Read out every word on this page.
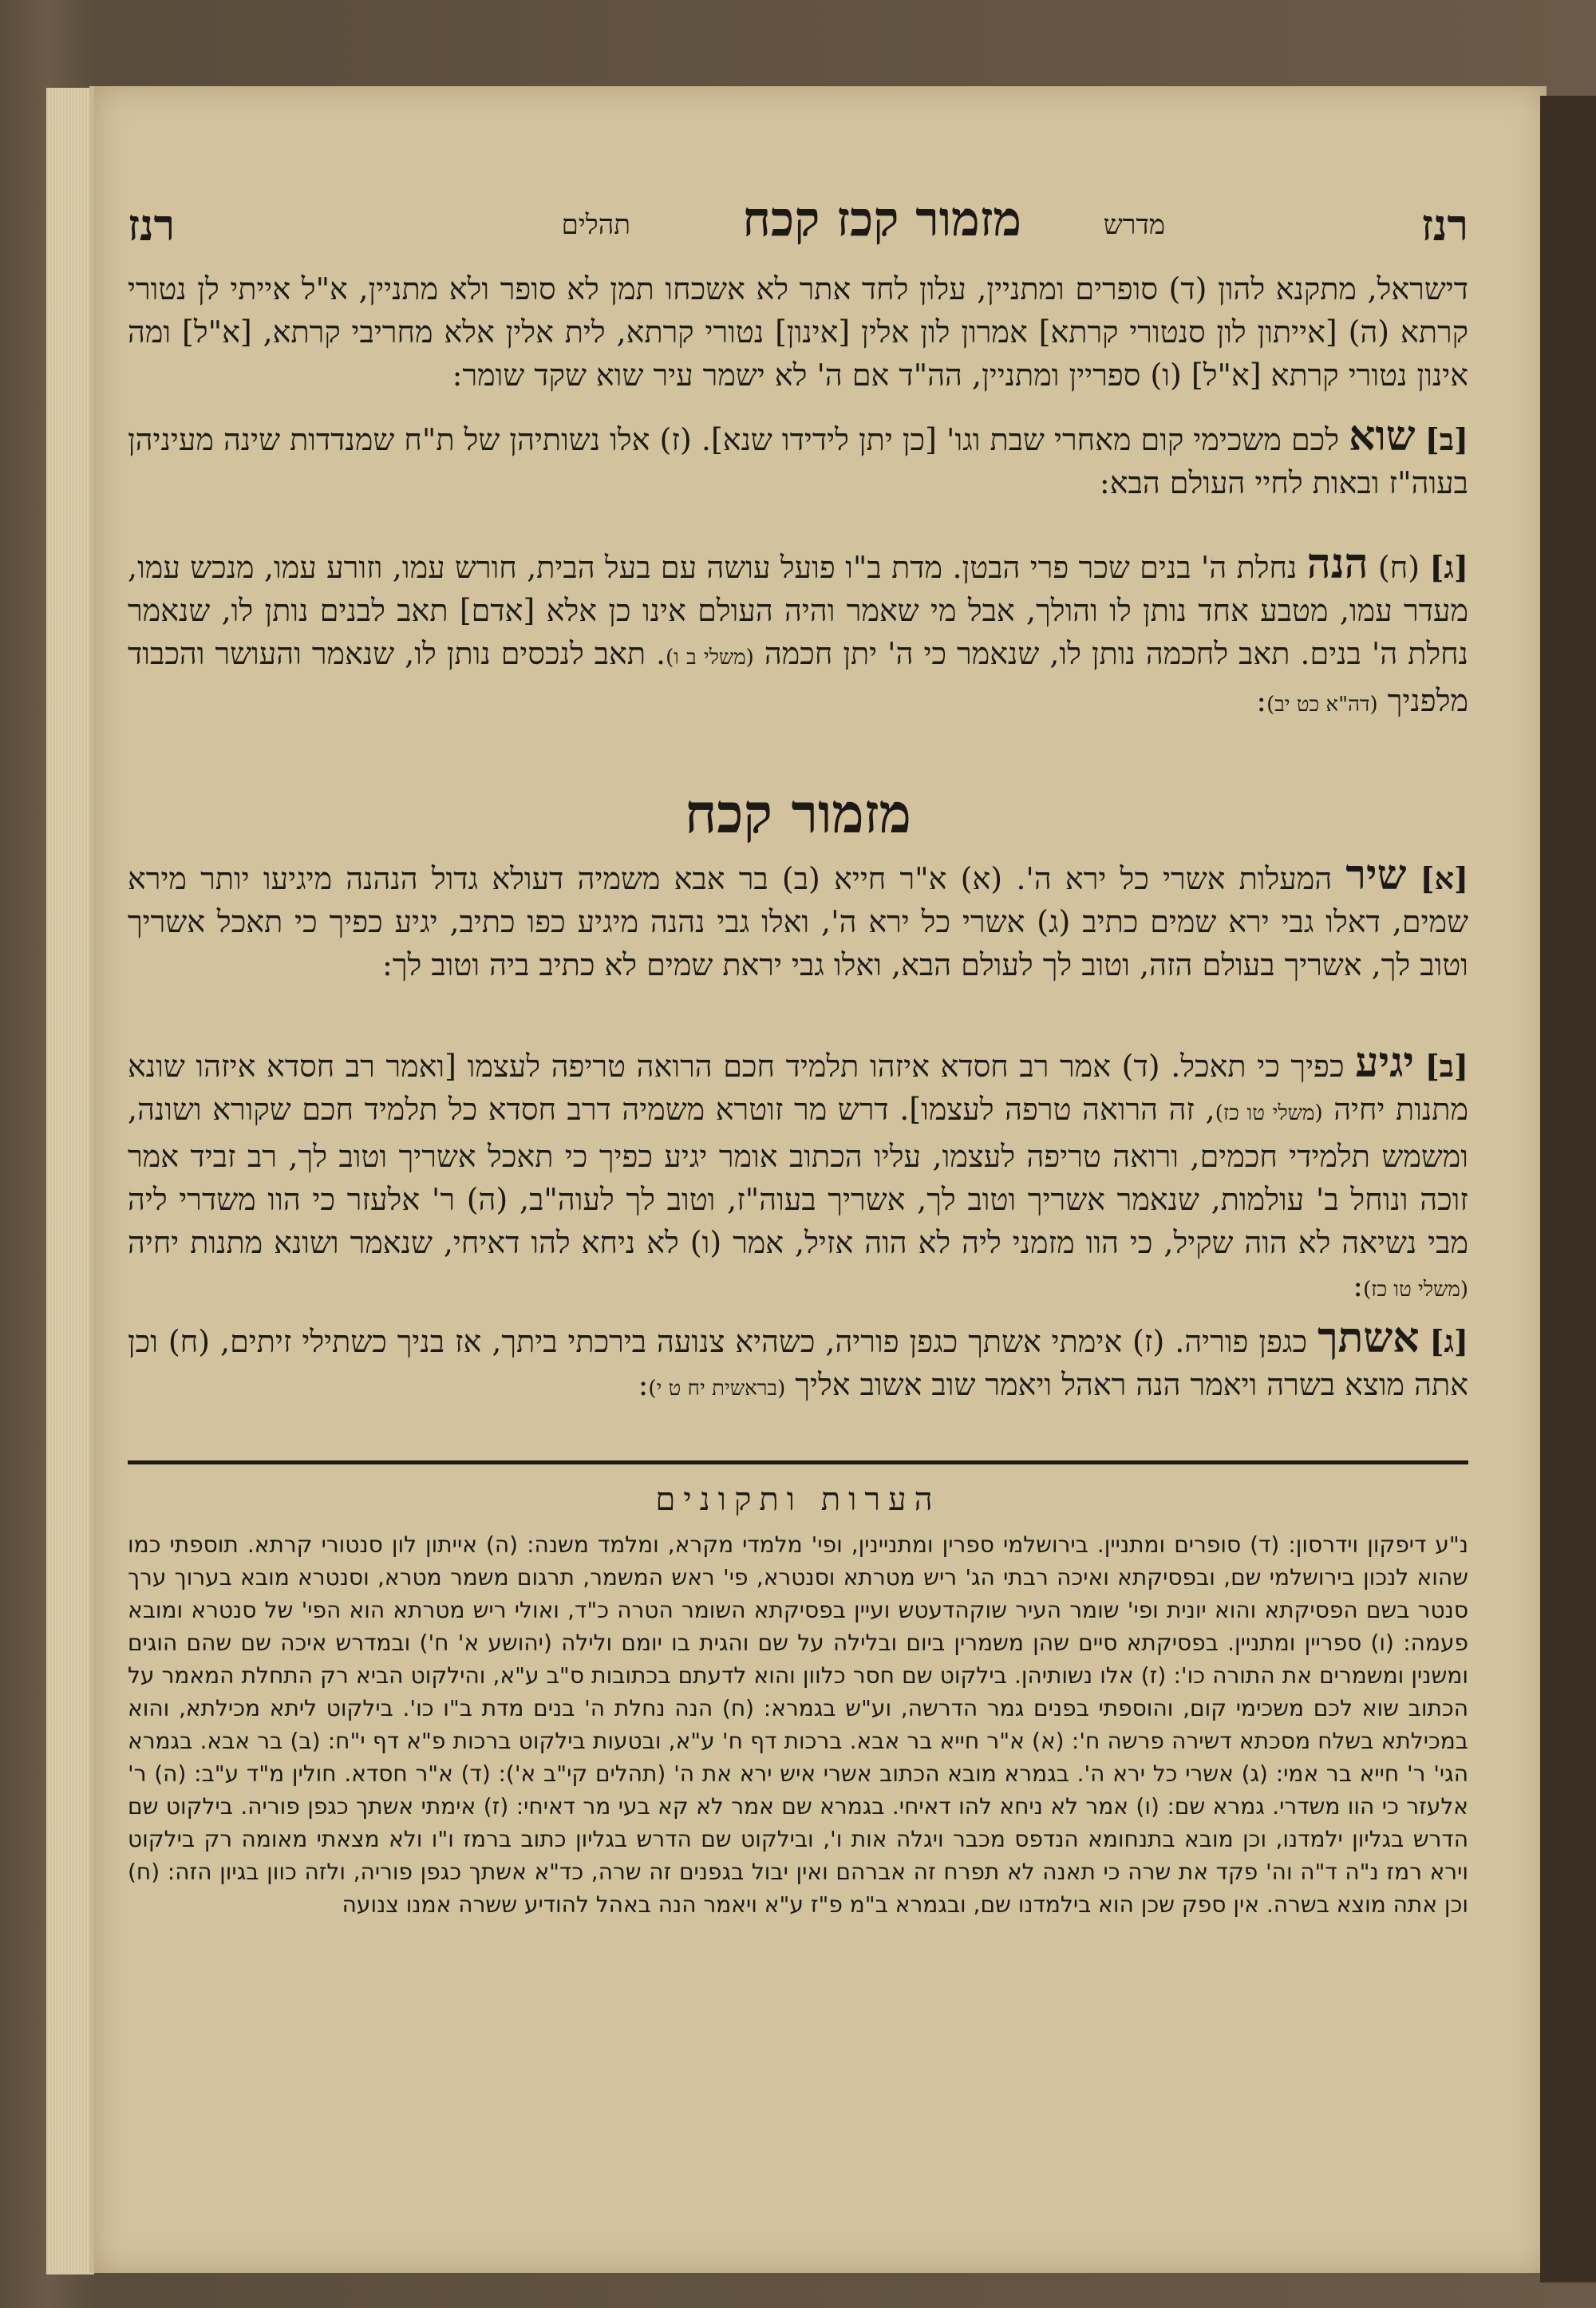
רנז
מדרש
מזמור קכז קכח
תהלים
רנז
דישראל, מתקנא להון (ד) סופרים ומתניין, עלון לחד אתר לא אשכחו תמן לא סופר ולא מתניין, א"ל אייתי לן נטורי קרתא (ה) [אייתון לון סנטורי קרתא] אמרון לון אלין [אינון] נטורי קרתא, לית אלין אלא מחריבי קרתא, [א"ל] ומה אינון נטורי קרתא [א"ל] (ו) ספריין ומתניין, הה"ד אם ה' לא ישמר עיר שוא שקד שומר:
[ב] שוא לכם משכימי קום מאחרי שבת וגו' [כן יתן לידידו שנא]. (ז) אלו נשותיהן של ת"ח שמנדדות שינה מעיניהן בעוה"ז ובאות לחיי העולם הבא:
[ג] (ח) הנה נחלת ה' בנים שכר פרי הבטן. מדת ב"ו פועל עושה עם בעל הבית, חורש עמו, וזורע עמו, מנכש עמו, מעדר עמו, מטבע אחד נותן לו והולך, אבל מי שאמר והיה העולם אינו כן אלא [אדם] תאב לבנים נותן לו, שנאמר נחלת ה' בנים. תאב לחכמה נותן לו, שנאמר כי ה' יתן חכמה (משלי ב ו). תאב לנכסים נותן לו, שנאמר והעושר והכבוד מלפניך (דה"א כט יב):
מזמור קכח
[א] שיר המעלות אשרי כל ירא ה'. (א) א"ר חייא (ב) בר אבא משמיה דעולא גדול הנהנה מיגיעו יותר מירא שמים, דאלו גבי ירא שמים כתיב (ג) אשרי כל ירא ה', ואלו גבי נהנה מיגיע כפו כתיב, יגיע כפיך כי תאכל אשריך וטוב לך, אשריך בעולם הזה, וטוב לך לעולם הבא, ואלו גבי יראת שמים לא כתיב ביה וטוב לך:
[ב] יגיע כפיך כי תאכל. (ד) אמר רב חסדא איזהו תלמיד חכם הרואה טריפה לעצמו [ואמר רב חסדא איזהו שונא מתנות יחיה (משלי טו כז), זה הרואה טרפה לעצמו]. דרש מר זוטרא משמיה דרב חסדא כל תלמיד חכם שקורא ושונה, ומשמש תלמידי חכמים, ורואה טריפה לעצמו, עליו הכתוב אומר יגיע כפיך כי תאכל אשריך וטוב לך, רב זביד אמר זוכה ונוחל ב' עולמות, שנאמר אשריך וטוב לך, אשריך בעוה"ז, וטוב לך לעוה"ב, (ה) ר' אלעזר כי הוו משדרי ליה מבי נשיאה לא הוה שקיל, כי הוו מזמני ליה לא הוה אזיל, אמר (ו) לא ניחא להו דאיחי, שנאמר ושונא מתנות יחיה (משלי טו כז):
[ג] אשתך כגפן פוריה. (ז) אימתי אשתך כגפן פוריה, כשהיא צנועה בירכתי ביתך, אז בניך כשתילי זיתים, (ח) וכן אתה מוצא בשרה ויאמר הנה ראהל ויאמר שוב אשוב אליך (בראשית יח ט י):
הערות ותקונים
נ"ע דיפקון וידרסון: (ד) סופרים ומתניין. בירושלמי ספרין ומתניינין, ופי' מלמדי מקרא, ומלמד משנה: (ה) אייתון לון סנטורי קרתא. תוספתי כמו שהוא לנכון בירושלמי שם, ובפסיקתא ואיכה רבתי הג' ריש מטרתא וסנטרא, פי' ראש המשמר, תרגום משמר מטרא, וסנטרא מובא בערוך ערך סנטר בשם הפסיקתא והוא יונית ופי' שומר העיר שוקהדעטש ועיין בפסיקתא השומר הטרה כ"ד, ואולי ריש מטרתא הוא הפי' של סנטרא ומובא פעמה: (ו) ספריין ומתניין. בפסיקתא סיים שהן משמרין ביום ובלילה על שם והגית בו יומם ולילה (יהושע א' ח') ובמדרש איכה שם שהם הוגים ומשנין ומשמרים את התורה כו': (ז) אלו נשותיהן. בילקוט שם חסר כלוון והוא לדעתם בכתובות ס"ב ע"א, והילקוט הביא רק התחלת המאמר על הכתוב שוא לכם משכימי קום, והוספתי בפנים גמר הדרשה, וע"ש בגמרא: (ח) הנה נחלת ה' בנים מדת ב"ו כו'. בילקוט ליתא מכילתא, והוא במכילתא בשלח מסכתא דשירה פרשה ח': (א) א"ר חייא בר אבא. ברכות דף ח' ע"א, ובטעות בילקוט ברכות פ"א דף י"ח: (ב) בר אבא. בגמרא הגי' ר' חייא בר אמי: (ג) אשרי כל ירא ה'. בגמרא מובא הכתוב אשרי איש ירא את ה' (תהלים קי"ב א'): (ד) א"ר חסדא. חולין מ"ד ע"ב: (ה) ר' אלעזר כי הוו משדרי. גמרא שם: (ו) אמר לא ניחא להו דאיחי. בגמרא שם אמר לא קא בעי מר דאיחי: (ז) אימתי אשתך כגפן פוריה. בילקוט שם הדרש בגליון ילמדנו, וכן מובא בתנחומא הנדפס מכבר ויגלה אות ו', ובילקוט שם הדרש בגליון כתוב ברמז ו"ו ולא מצאתי מאומה רק בילקוט וירא רמז נ"ה ד"ה וה' פקד את שרה כי תאנה לא תפרח זה אברהם ואין יבול בגפנים זה שרה, כד"א אשתך כגפן פוריה, ולזה כוון בגיון הזה: (ח) וכן אתה מוצא בשרה. אין ספק שכן הוא בילמדנו שם, ובגמרא ב"מ פ"ז ע"א ויאמר הנה באהל להודיע ששרה אמנו צנועה
